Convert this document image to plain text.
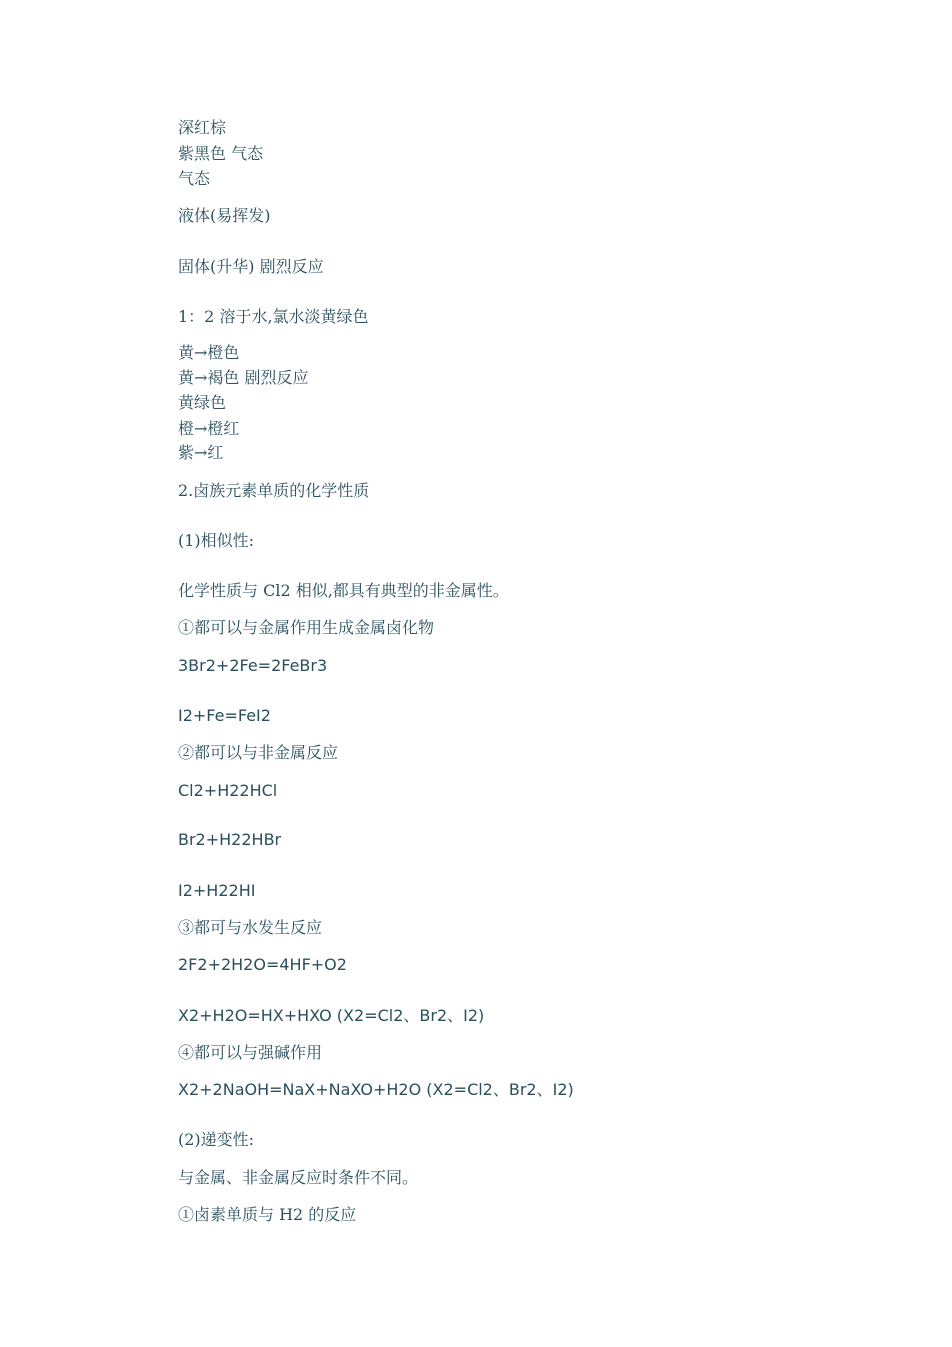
深红棕
紫黑色 气态
气态
液体(易挥发)
固体(升华) 剧烈反应
1：2 溶于水,氯水淡黄绿色
黄→橙色
黄→褐色 剧烈反应
黄绿色
橙→橙红
紫→红
2.卤族元素单质的化学性质
(1)相似性:
化学性质与 Cl2 相似,都具有典型的非金属性。
①都可以与金属作用生成金属卤化物
3Br2+2Fe=2FeBr3
I2+Fe=FeI2
②都可以与非金属反应
Cl2+H22HCl
Br2+H22HBr
I2+H22HI
③都可与水发生反应
2F2+2H2O=4HF+O2
X2+H2O=HX+HXO (X2=Cl2、Br2、I2)
④都可以与强碱作用
X2+2NaOH=NaX+NaXO+H2O (X2=Cl2、Br2、I2)
(2)递变性:
与金属、非金属反应时条件不同。
①卤素单质与 H2 的反应
